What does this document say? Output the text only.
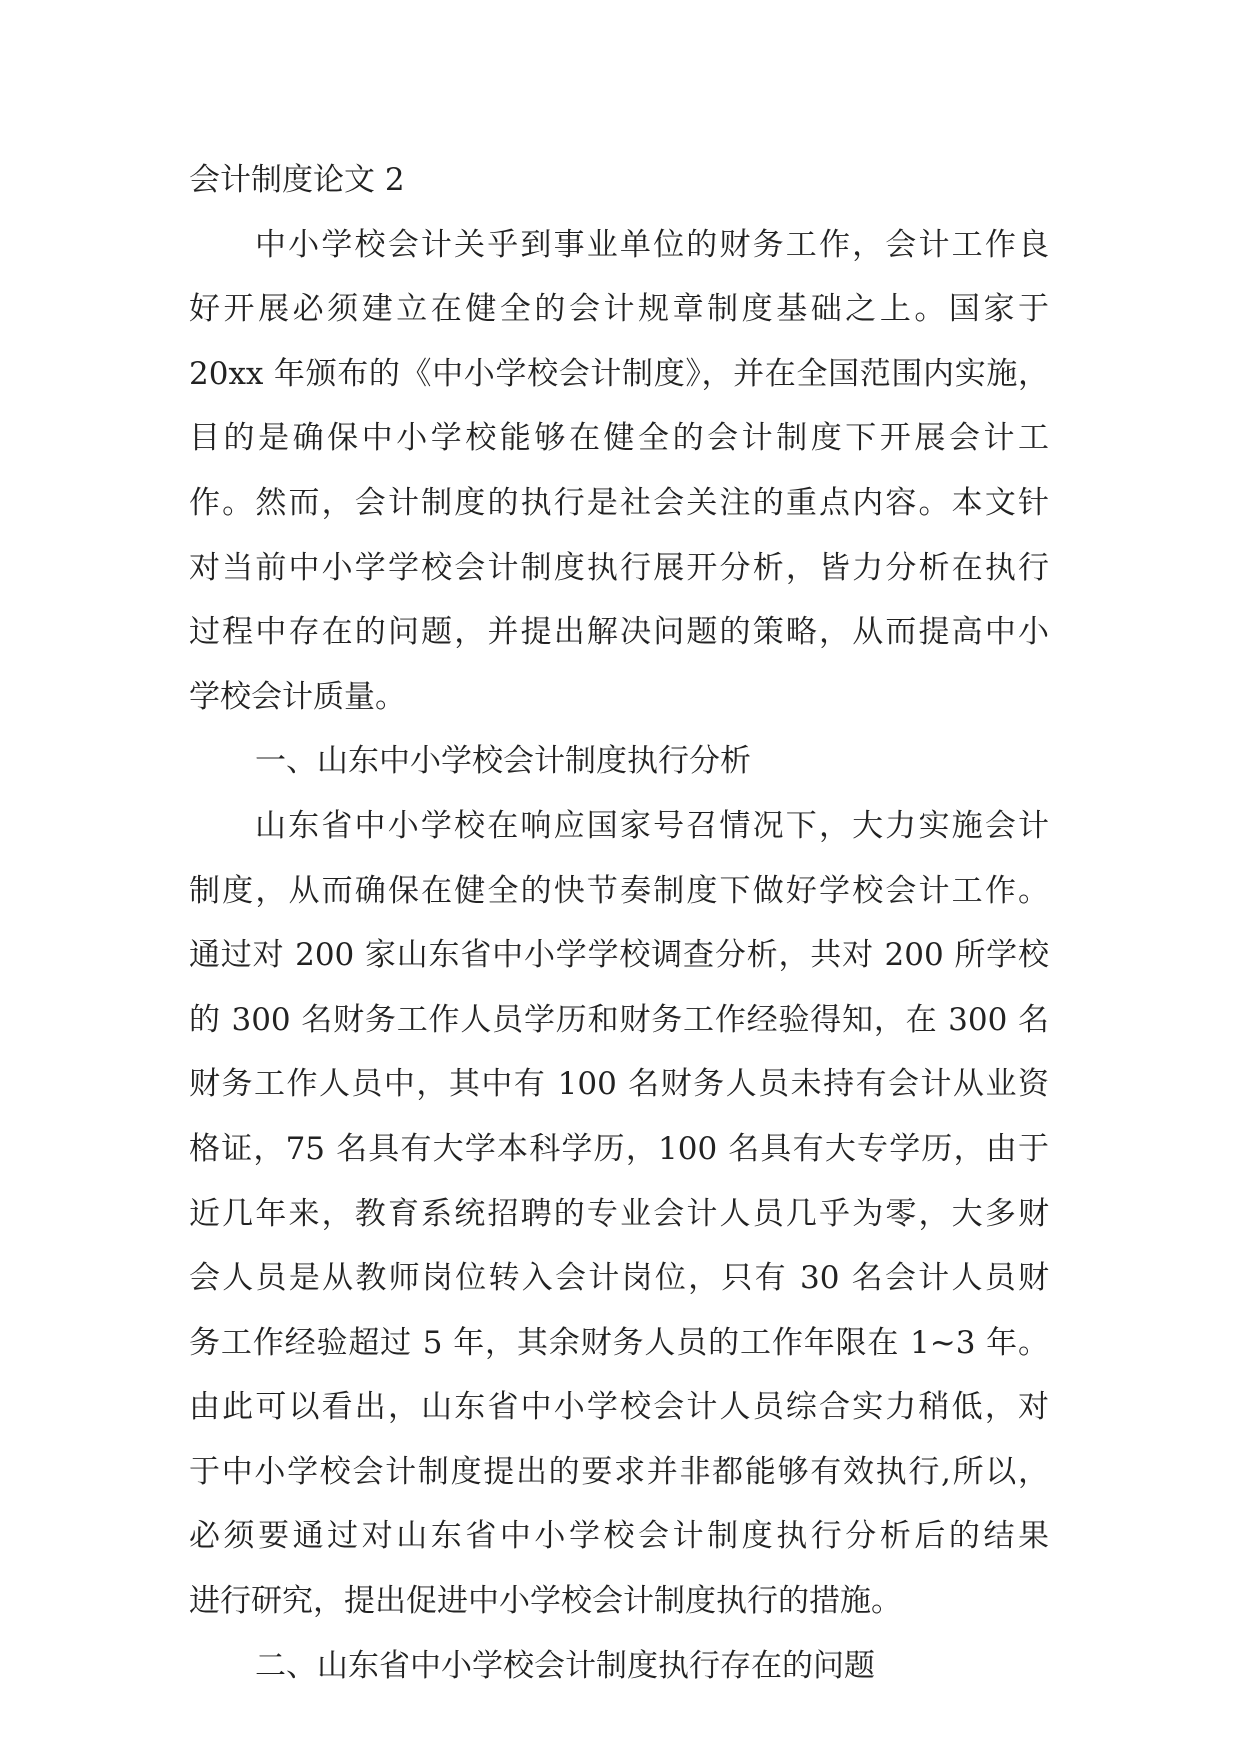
会计制度论文 2
中小学校会计关乎到事业单位的财务工作，会计工作良
好开展必须建立在健全的会计规章制度基础之上。国家于
20xx 年颁布的《中小学校会计制度》，并在全国范围内实施，
目的是确保中小学校能够在健全的会计制度下开展会计工
作。然而，会计制度的执行是社会关注的重点内容。本文针
对当前中小学学校会计制度执行展开分析，皆力分析在执行
过程中存在的问题，并提出解决问题的策略，从而提高中小
学校会计质量。
一、山东中小学校会计制度执行分析
山东省中小学校在响应国家号召情况下，大力实施会计
制度，从而确保在健全的快节奏制度下做好学校会计工作。
通过对 200 家山东省中小学学校调查分析，共对 200 所学校
的 300 名财务工作人员学历和财务工作经验得知，在 300 名
财务工作人员中，其中有 100 名财务人员未持有会计从业资
格证，75 名具有大学本科学历，100 名具有大专学历，由于
近几年来，教育系统招聘的专业会计人员几乎为零，大多财
会人员是从教师岗位转入会计岗位，只有 30 名会计人员财
务工作经验超过 5 年，其余财务人员的工作年限在 1~3 年。
由此可以看出，山东省中小学校会计人员综合实力稍低，对
于中小学校会计制度提出的要求并非都能够有效执行,所以，
必须要通过对山东省中小学校会计制度执行分析后的结果
进行研究，提出促进中小学校会计制度执行的措施。
二、山东省中小学校会计制度执行存在的问题
